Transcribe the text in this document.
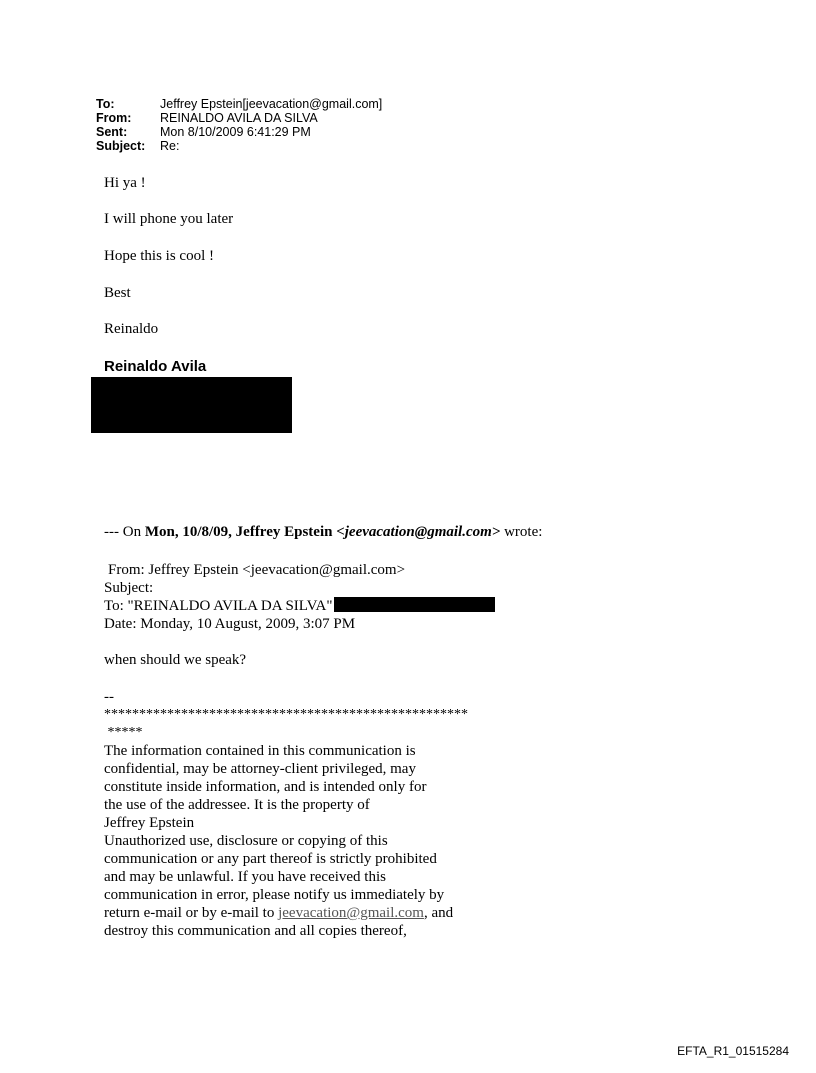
To:	Jeffrey Epstein[jeevacation@gmail.com]
From:	REINALDO AVILA DA SILVA
Sent:	Mon 8/10/2009 6:41:29 PM
Subject:	Re:
Hi ya !
I will phone you later
Hope this is cool !
Best
Reinaldo
Reinaldo Avila
--- On Mon, 10/8/09, Jeffrey Epstein <jeevacation@gmail.com> wrote:
From: Jeffrey Epstein <jeevacation@gmail.com>
Subject:
To: "REINALDO AVILA DA SILVA"
Date: Monday, 10 August, 2009, 3:07 PM
when should we speak?
--
****************************************************
*****
The information contained in this communication is
confidential, may be attorney-client privileged, may
constitute inside information, and is intended only for
the use of the addressee. It is the property of
Jeffrey Epstein
Unauthorized use, disclosure or copying of this
communication or any part thereof is strictly prohibited
and may be unlawful. If you have received this
communication in error, please notify us immediately by
return e-mail or by e-mail to jeevacation@gmail.com, and
destroy this communication and all copies thereof,
EFTA_R1_01515284
